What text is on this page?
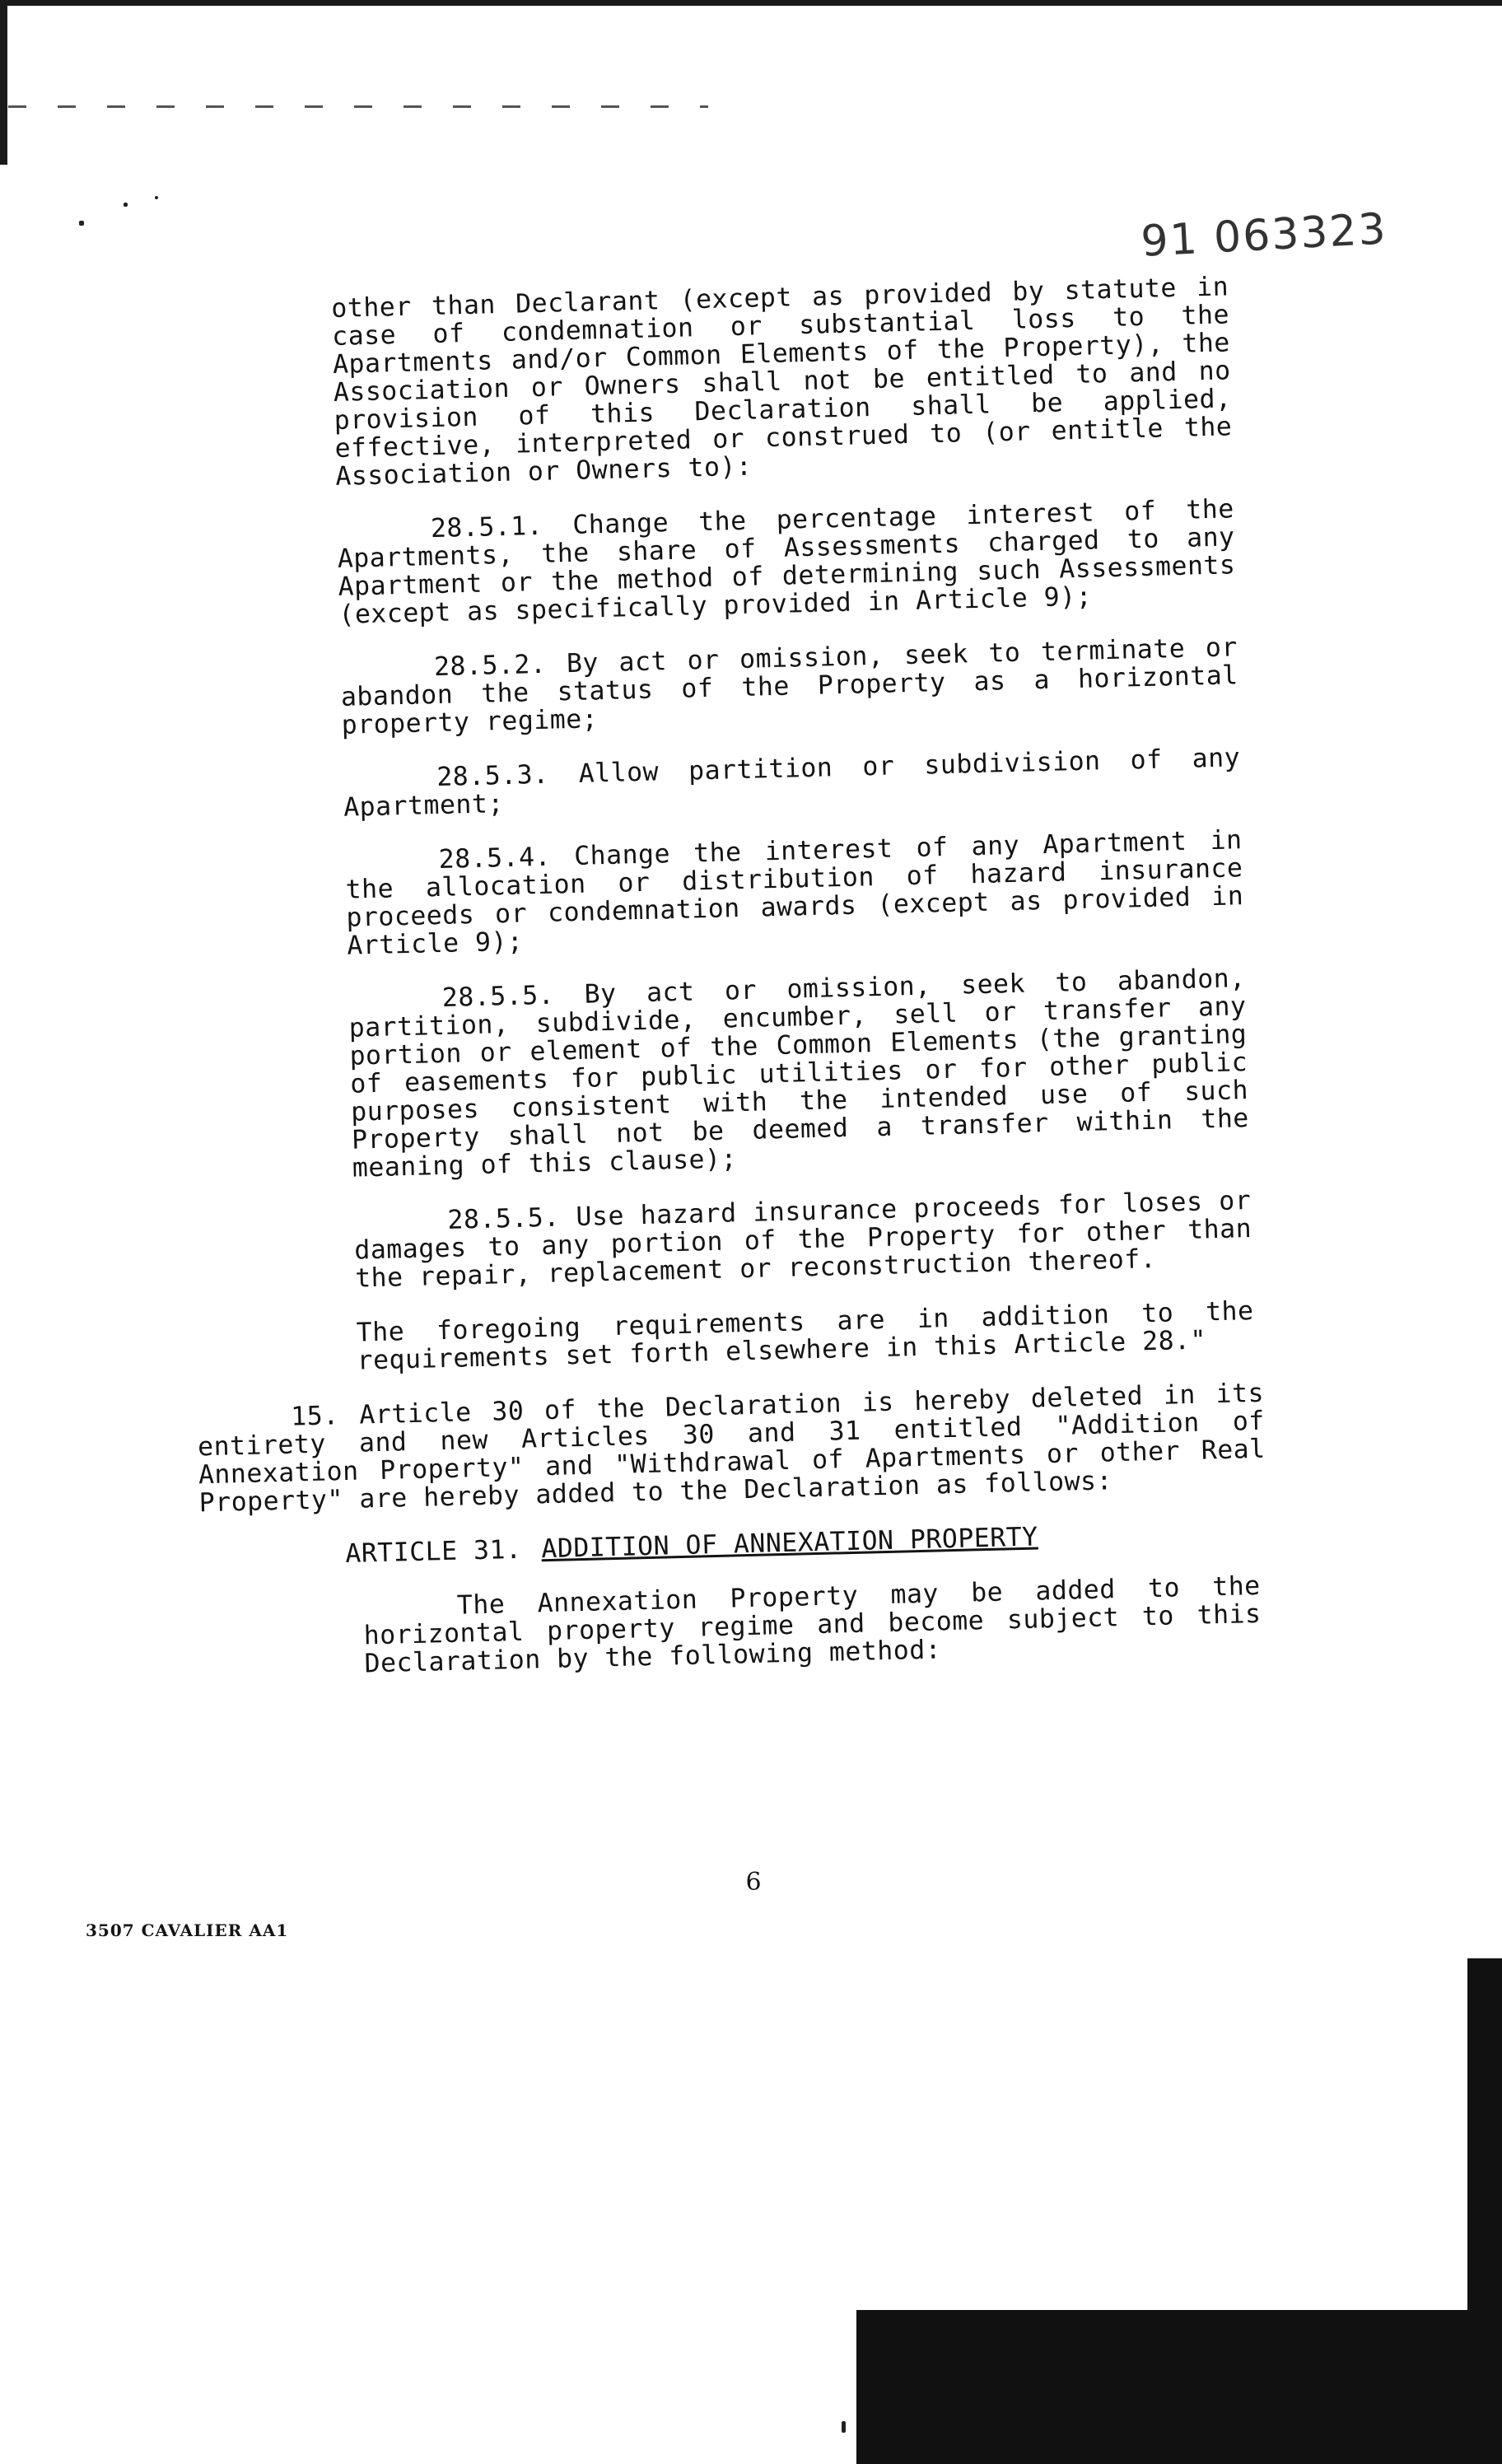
91 063323

other than Declarant (except as provided by statute in case of condemnation or substantial loss to the Apartments and/or Common Elements of the Property), the Association or Owners shall not be entitled to and no provision of this Declaration shall be applied, effective, interpreted or construed to (or entitle the Association or Owners to):

28.5.1. Change the percentage interest of the Apartments, the share of Assessments charged to any Apartment or the method of determining such Assessments (except as specifically provided in Article 9);

28.5.2. By act or omission, seek to terminate or abandon the status of the Property as a horizontal property regime;

28.5.3. Allow partition or subdivision of any Apartment;

28.5.4. Change the interest of any Apartment in the allocation or distribution of hazard insurance proceeds or condemnation awards (except as provided in Article 9);

28.5.5. By act or omission, seek to abandon, partition, subdivide, encumber, sell or transfer any portion or element of the Common Elements (the granting of easements for public utilities or for other public purposes consistent with the intended use of such Property shall not be deemed a transfer within the meaning of this clause);

28.5.5. Use hazard insurance proceeds for loses or damages to any portion of the Property for other than the repair, replacement or reconstruction thereof.

The foregoing requirements are in addition to the requirements set forth elsewhere in this Article 28."

15. Article 30 of the Declaration is hereby deleted in its entirety and new Articles 30 and 31 entitled "Addition of Annexation Property" and "Withdrawal of Apartments or other Real Property" are hereby added to the Declaration as follows:

ARTICLE 31. ADDITION OF ANNEXATION PROPERTY

The Annexation Property may be added to the horizontal property regime and become subject to this Declaration by the following method:

6
3507 CAVALIER AA1
